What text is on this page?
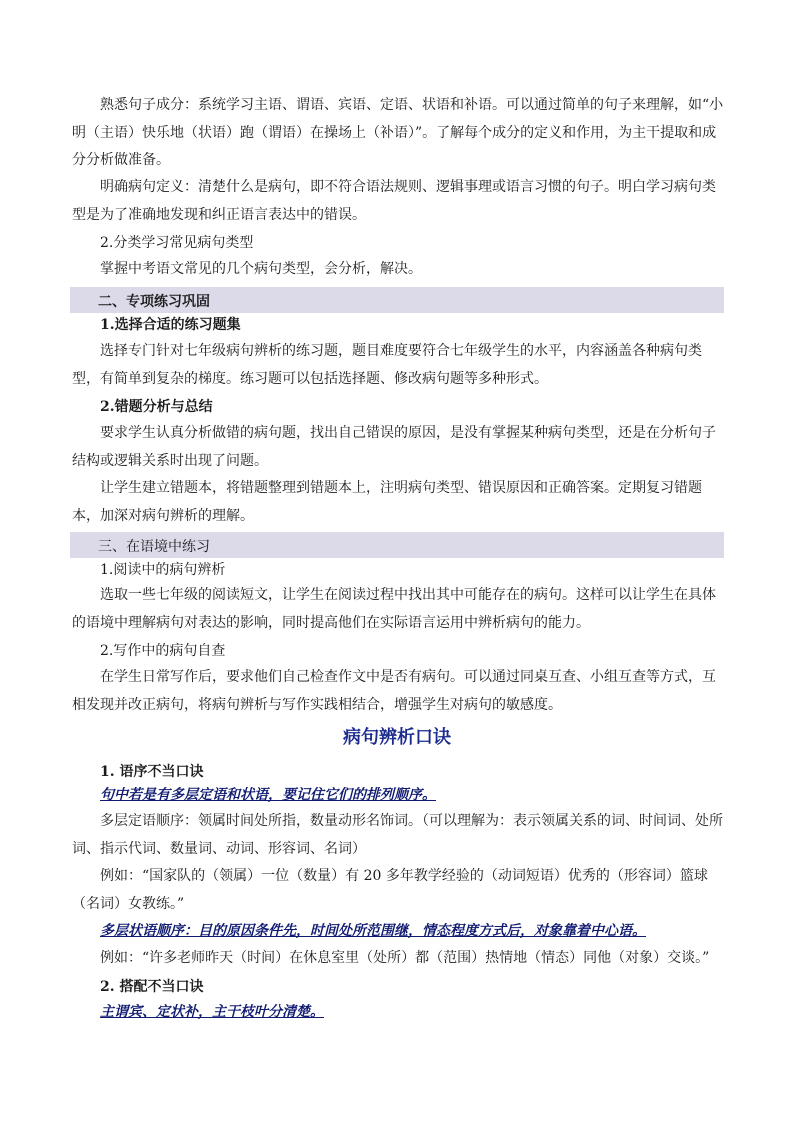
熟悉句子成分：系统学习主语、谓语、宾语、定语、状语和补语。可以通过简单的句子来理解，如“小明（主语）快乐地（状语）跑（谓语）在操场上（补语）”。了解每个成分的定义和作用，为主干提取和成分分析做准备。

明确病句定义：清楚什么是病句，即不符合语法规则、逻辑事理或语言习惯的句子。明白学习病句类型是为了准确地发现和纠正语言表达中的错误。

2.分类学习常见病句类型

掌握中考语文常见的几个病句类型，会分析，解决。

二、专项练习巩固

1.选择合适的练习题集

选择专门针对七年级病句辨析的练习题，题目难度要符合七年级学生的水平，内容涵盖各种病句类型，有简单到复杂的梯度。练习题可以包括选择题、修改病句题等多种形式。

2.错题分析与总结

要求学生认真分析做错的病句题，找出自己错误的原因，是没有掌握某种病句类型，还是在分析句子结构或逻辑关系时出现了问题。

让学生建立错题本，将错题整理到错题本上，注明病句类型、错误原因和正确答案。定期复习错题本，加深对病句辨析的理解。

三、在语境中练习

1.阅读中的病句辨析

选取一些七年级的阅读短文，让学生在阅读过程中找出其中可能存在的病句。这样可以让学生在具体的语境中理解病句对表达的影响，同时提高他们在实际语言运用中辨析病句的能力。

2.写作中的病句自查

在学生日常写作后，要求他们自己检查作文中是否有病句。可以通过同桌互查、小组互查等方式，互相发现并改正病句，将病句辨析与写作实践相结合，增强学生对病句的敏感度。

病句辨析口诀

1. 语序不当口诀

句中若是有多层定语和状语，要记住它们的排列顺序。

多层定语顺序：领属时间处所指，数量动形名饰词。（可以理解为：表示领属关系的词、时间词、处所词、指示代词、数量词、动词、形容词、名词）

例如：“国家队的（领属）一位（数量）有 20 多年教学经验的（动词短语）优秀的（形容词）篮球（名词）女教练。”

多层状语顺序：目的原因条件先，时间处所范围继，情态程度方式后，对象靠着中心语。

例如：“许多老师昨天（时间）在休息室里（处所）都（范围）热情地（情态）同他（对象）交谈。”

2. 搭配不当口诀

主谓宾、定状补，主干枝叶分清楚。
